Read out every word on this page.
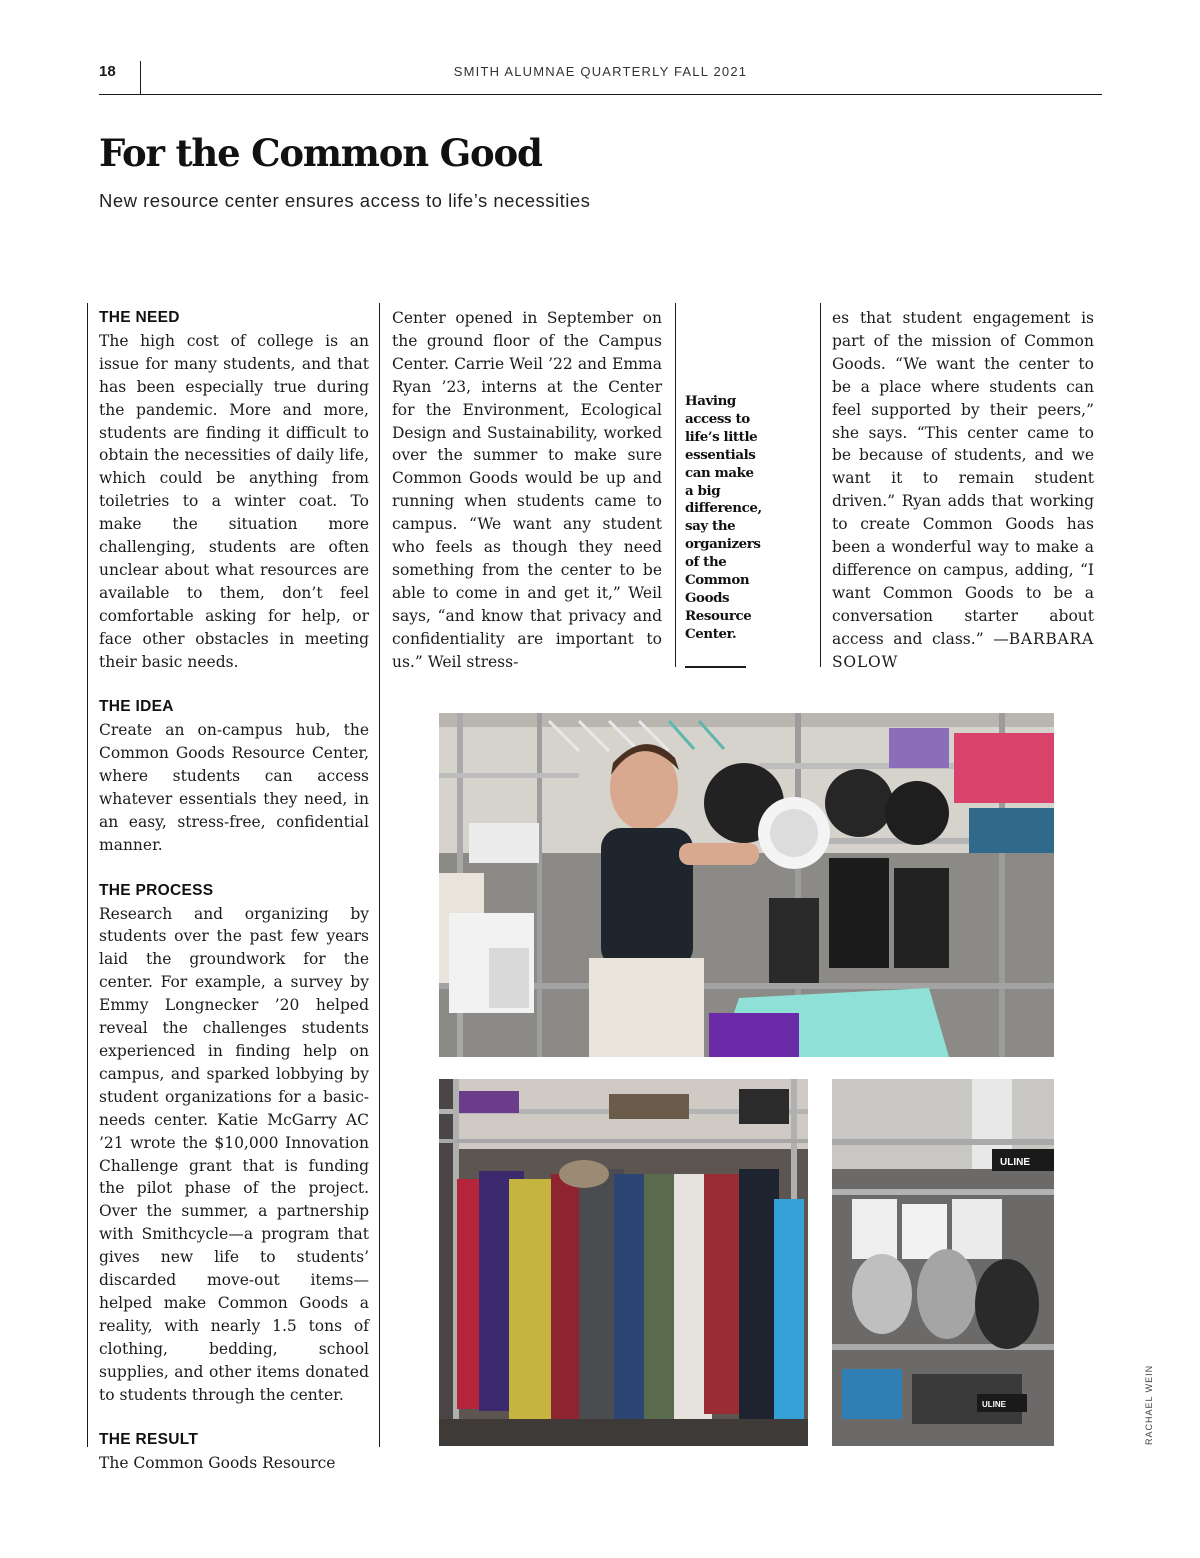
18	SMITH ALUMNAE QUARTERLY FALL 2021
For the Common Good
New resource center ensures access to life’s necessities
THE NEED

The high cost of college is an issue for many students, and that has been especially true during the pandemic. More and more, students are finding it difficult to obtain the necessities of daily life, which could be anything from toiletries to a winter coat. To make the situation more challenging, students are often unclear about what resources are available to them, don’t feel comfortable asking for help, or face other obstacles in meeting their basic needs.

THE IDEA

Create an on-campus hub, the Common Goods Resource Center, where students can access whatever essentials they need, in an easy, stress-free, confidential manner.

THE PROCESS

Research and organizing by students over the past few years laid the groundwork for the center. For example, a survey by Emmy Longnecker ’20 helped reveal the challenges students experienced in finding help on campus, and sparked lobbying by student organizations for a basic-needs center. Katie McGarry AC ’21 wrote the $10,000 Innovation Challenge grant that is funding the pilot phase of the project. Over the summer, a partnership with Smithcycle—a program that gives new life to students’ discarded move-out items—helped make Common Goods a reality, with nearly 1.5 tons of clothing, bedding, school supplies, and other items donated to students through the center.

THE RESULT

The Common Goods Resource

Center opened in September on the ground floor of the Campus Center. Carrie Weil ’22 and Emma Ryan ’23, interns at the Center for the Environment, Ecological Design and Sustainability, worked over the summer to make sure Common Goods would be up and running when students came to campus. “We want any student who feels as though they need something from the center to be able to come in and get it,” Weil says, “and know that privacy and confidentiality are important to us.” Weil stress-

Having access to life’s little essentials can make a big difference, say the organizers of the Common Goods Resource Center.

es that student engagement is part of the mission of Common Goods. “We want the center to be a place where students can feel supported by their peers,” she says. “This center came to be because of students, and we want it to remain student driven.” Ryan adds that working to create Common Goods has been a wonderful way to make a difference on campus, adding, “I want Common Goods to be a conversation starter about access and class.” —BARBARA SOLOW

ULINE
ULINE	RACHAEL WEIN
